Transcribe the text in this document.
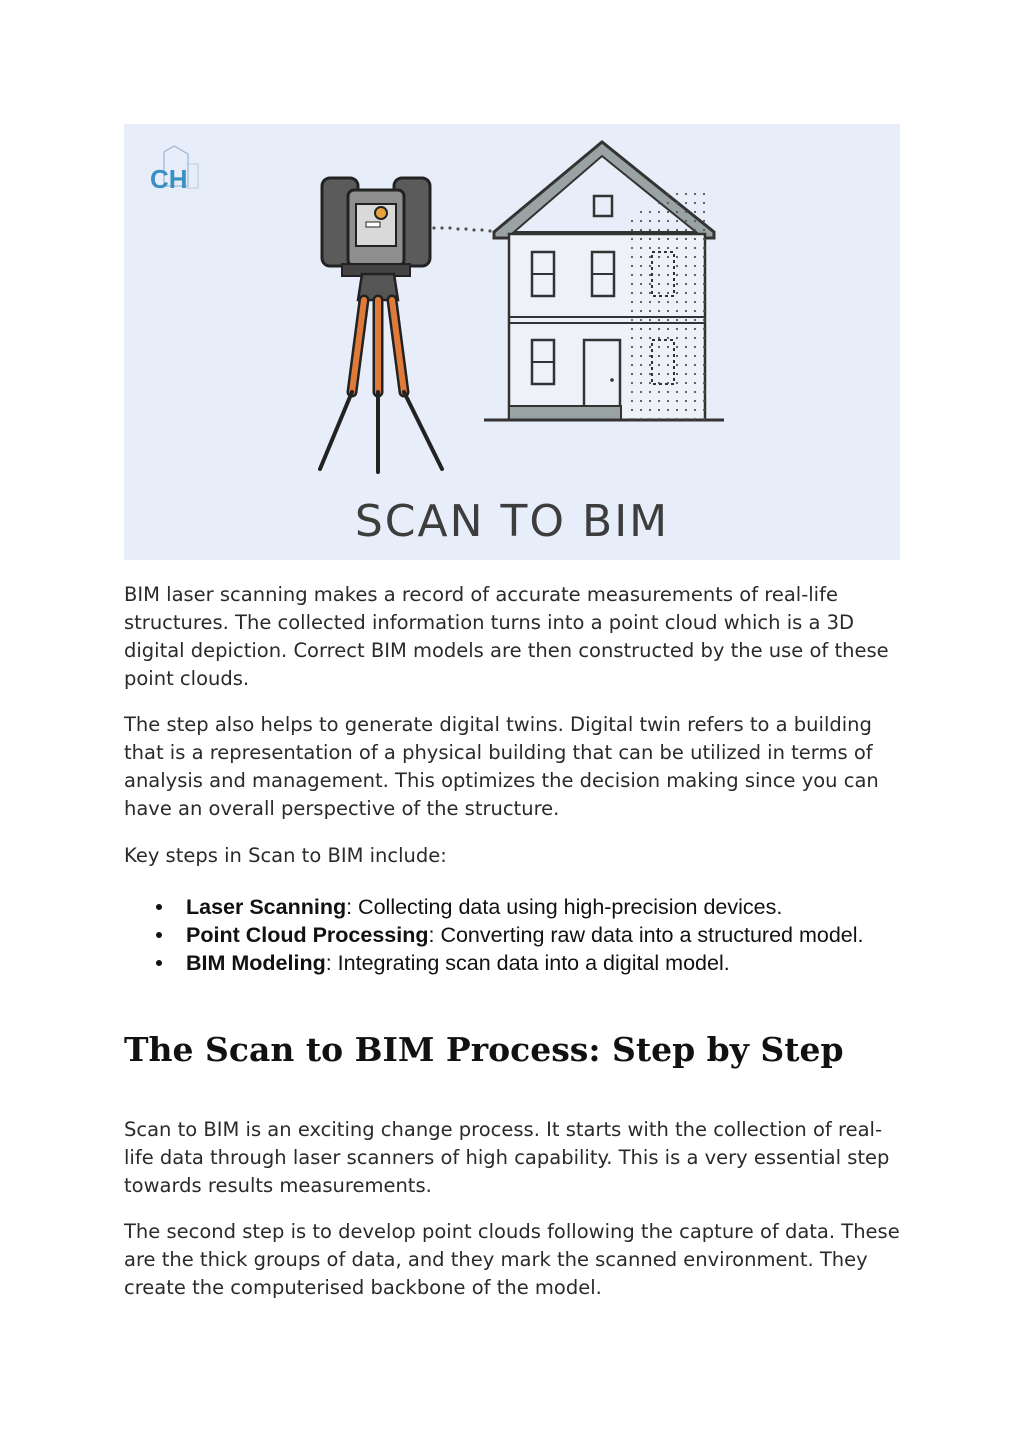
CH
SCAN TO BIM

BIM laser scanning makes a record of accurate measurements of real-life structures. The collected information turns into a point cloud which is a 3D digital depiction. Correct BIM models are then constructed by the use of these point clouds.

The step also helps to generate digital twins. Digital twin refers to a building that is a representation of a physical building that can be utilized in terms of analysis and management. This optimizes the decision making since you can have an overall perspective of the structure.

Key steps in Scan to BIM include:

Laser Scanning: Collecting data using high-precision devices.
Point Cloud Processing: Converting raw data into a structured model.
BIM Modeling: Integrating scan data into a digital model.
The Scan to BIM Process: Step by Step

Scan to BIM is an exciting change process. It starts with the collection of real-life data through laser scanners of high capability. This is a very essential step towards results measurements.

The second step is to develop point clouds following the capture of data. These are the thick groups of data, and they mark the scanned environment. They create the computerised backbone of the model.
